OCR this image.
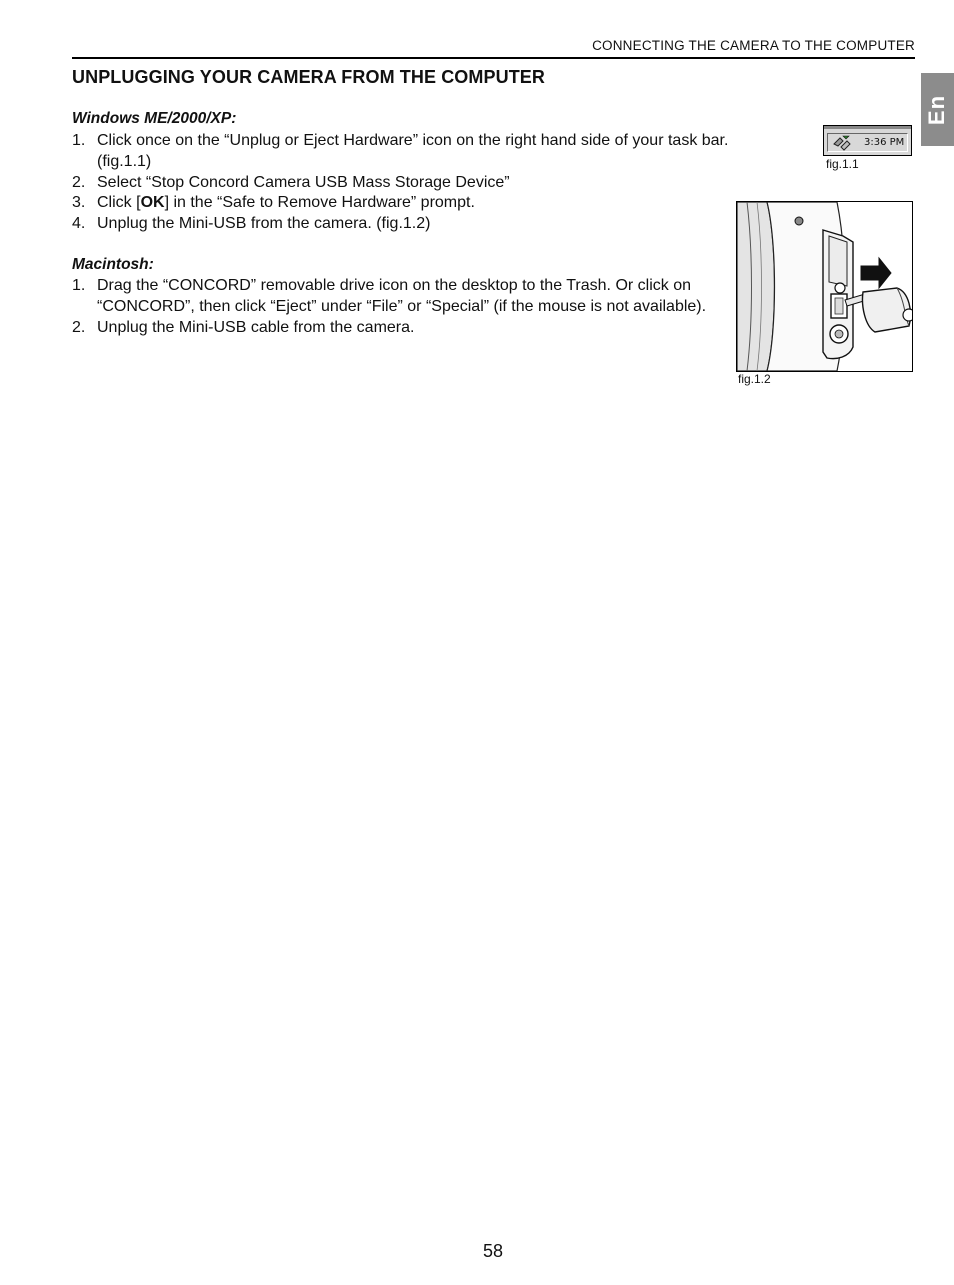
CONNECTING THE CAMERA TO THE COMPUTER
En
UNPLUGGING YOUR CAMERA FROM THE COMPUTER
Windows ME/2000/XP:
1. Click once on the “Unplug or Eject Hardware” icon on the right hand side of your task bar. (fig.1.1)
2. Select “Stop Concord Camera USB Mass Storage Device”
3. Click [OK] in the “Safe to Remove Hardware” prompt.
4. Unplug the Mini-USB from the camera. (fig.1.2)
Macintosh:
1. Drag the “CONCORD” removable drive icon on the desktop to the Trash. Or click on “CONCORD”, then click “Eject” under “File” or “Special” (if the mouse is not available).
2. Unplug the Mini-USB cable from the camera.
3:36 PM

fig.1.1

fig.1.2

58
